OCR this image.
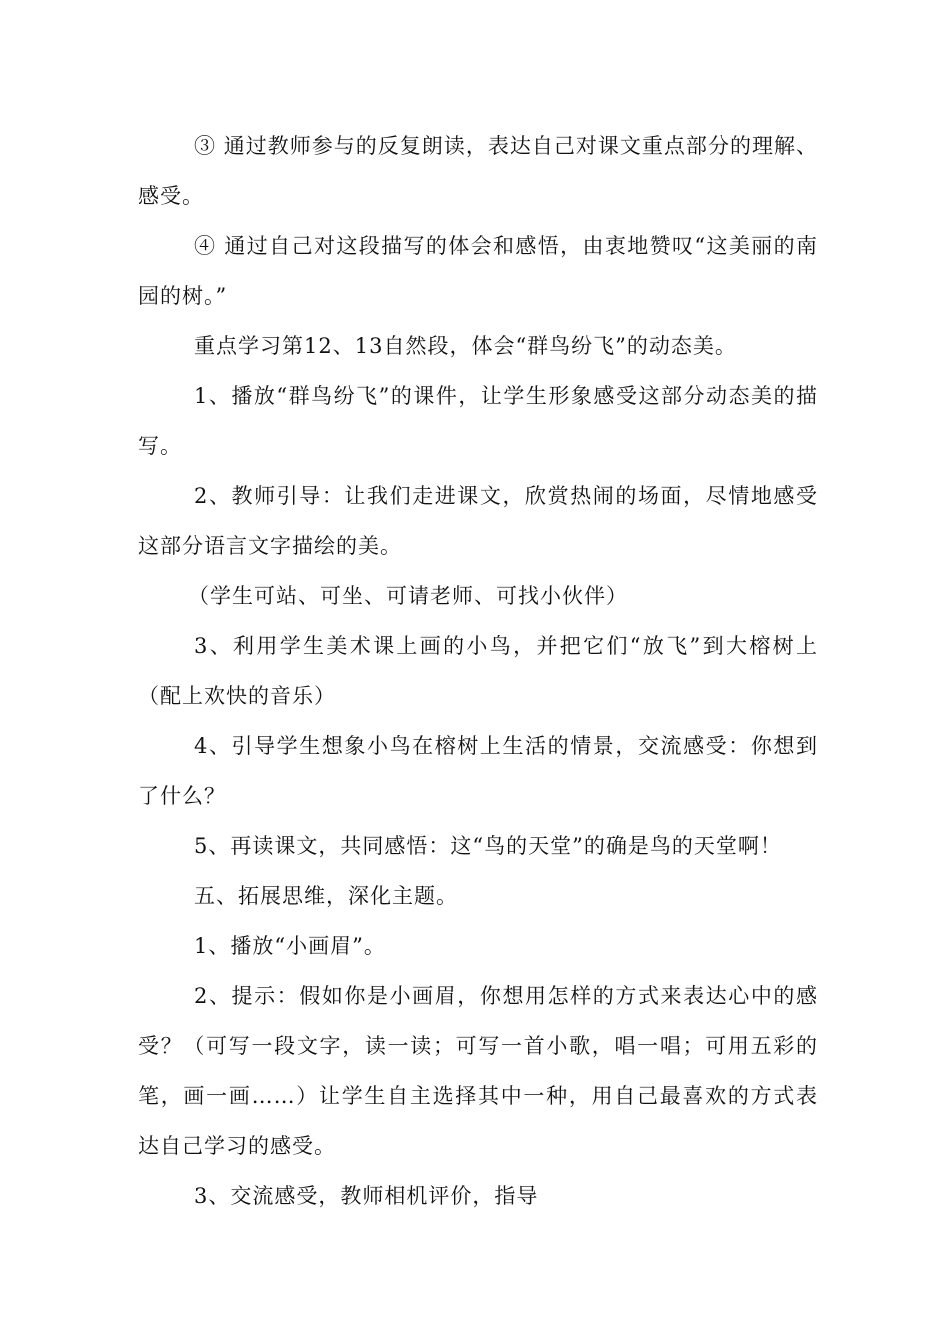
③ 通过教师参与的反复朗读，表达自己对课文重点部分的理解、感受。

④ 通过自己对这段描写的体会和感悟，由衷地赞叹“这美丽的南园的树。”

重点学习第12、13自然段，体会“群鸟纷飞”的动态美。

1、播放“群鸟纷飞”的课件，让学生形象感受这部分动态美的描写。

2、教师引导：让我们走进课文，欣赏热闹的场面，尽情地感受这部分语言文字描绘的美。

（学生可站、可坐、可请老师、可找小伙伴）

3、利用学生美术课上画的小鸟，并把它们“放飞”到大榕树上（配上欢快的音乐）

4、引导学生想象小鸟在榕树上生活的情景，交流感受：你想到了什么？

5、再读课文，共同感悟：这“鸟的天堂”的确是鸟的天堂啊！

五、拓展思维，深化主题。

1、播放“小画眉”。

2、提示：假如你是小画眉，你想用怎样的方式来表达心中的感受？（可写一段文字，读一读；可写一首小歌，唱一唱；可用五彩的笔，画一画……）让学生自主选择其中一种，用自己最喜欢的方式表达自己学习的感受。

3、交流感受，教师相机评价，指导
